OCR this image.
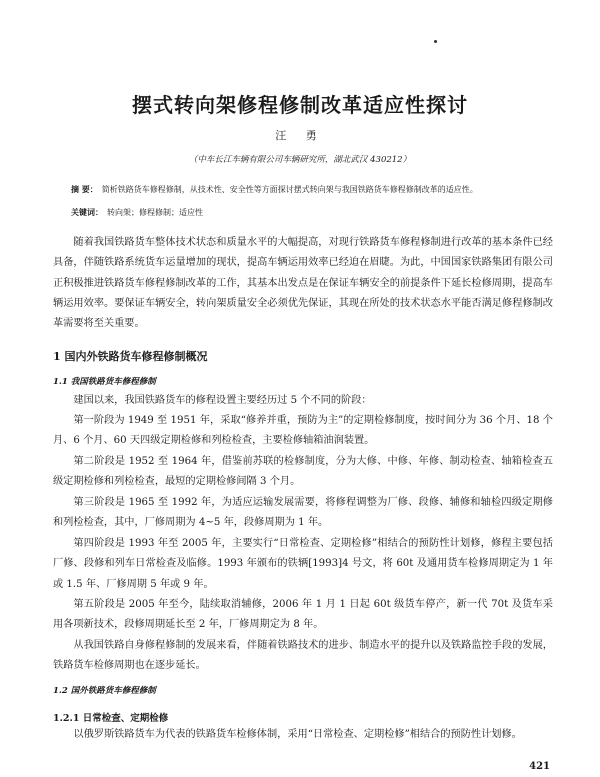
摆式转向架修程修制改革适应性探讨
汪 勇
（中车长江车辆有限公司车辆研究所，湖北武汉 430212）
摘 要： 简析铁路货车修程修制，从技术性、安全性等方面探讨摆式转向架与我国铁路货车修程修制改革的适应性。
关键词： 转向架；修程修制；适应性
随着我国铁路货车整体技术状态和质量水平的大幅提高，对现行铁路货车修程修制进行改革的基本条件已经具备，伴随铁路系统货车运量增加的现状，提高车辆运用效率已经迫在眉睫。为此，中国国家铁路集团有限公司正积极推进铁路货车修程修制改革的工作，其基本出发点是在保证车辆安全的前提条件下延长检修周期，提高车辆运用效率。要保证车辆安全，转向架质量安全必须优先保证，其现在所处的技术状态水平能否满足修程修制改革需要将至关重要。
1 国内外铁路货车修程修制概况
1.1 我国铁路货车修程修制
建国以来，我国铁路货车的修程设置主要经历过 5 个不同的阶段：
第一阶段为 1949 至 1951 年，采取“修养并重，预防为主”的定期检修制度，按时间分为 36 个月、18 个月、6 个月、60 天四级定期检修和列检检查，主要检修轴箱油润装置。
第二阶段是 1952 至 1964 年，借鉴前苏联的检修制度，分为大修、中修、年修、制动检查、轴箱检查五级定期检修和列检检查，最短的定期检修间隔 3 个月。
第三阶段是 1965 至 1992 年，为适应运输发展需要，将修程调整为厂修、段修、辅修和轴检四级定期修和列检检查，其中，厂修周期为 4~5 年，段修周期为 1 年。
第四阶段是 1993 年至 2005 年，主要实行“日常检查、定期检修”相结合的预防性计划修，修程主要包括厂修、段修和列车日常检查及临修。1993 年颁布的铁辆[1993]4 号文，将 60t 及通用货车检修周期定为 1 年或 1.5 年、厂修周期 5 年或 9 年。
第五阶段是 2005 年至今，陆续取消辅修，2006 年 1 月 1 日起 60t 级货车停产，新一代 70t 及货车采用各项新技术，段修周期延长至 2 年，厂修周期定为 8 年。
从我国铁路自身修程修制的发展来看，伴随着铁路技术的进步、制造水平的提升以及铁路监控手段的发展，铁路货车检修周期也在逐步延长。
1.2 国外铁路货车修程修制
1.2.1 日常检查、定期检修
以俄罗斯铁路货车为代表的铁路货车检修体制，采用“日常检查、定期检修”相结合的预防性计划修。
421
